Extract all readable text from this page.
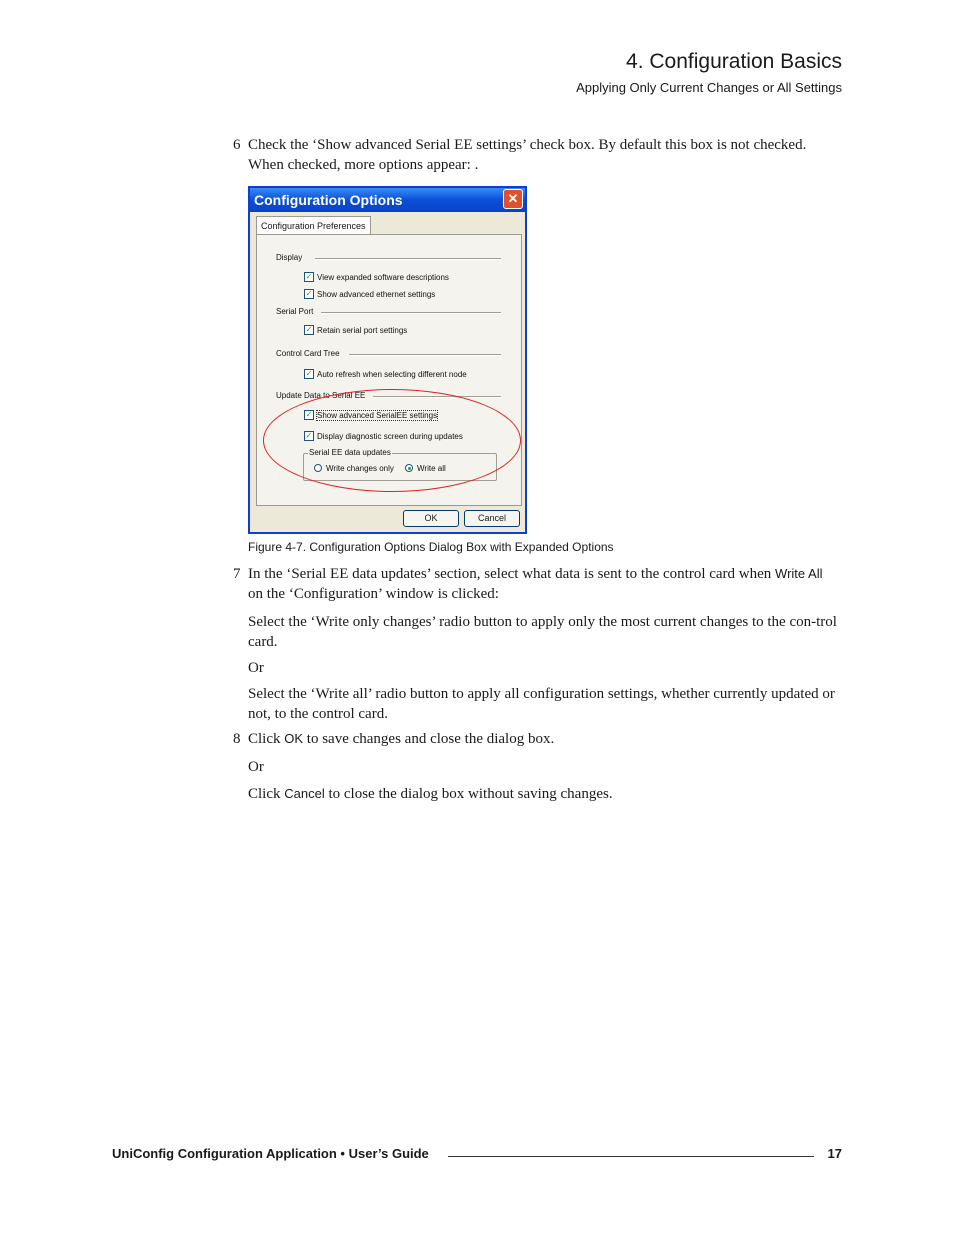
4. Configuration Basics
Applying Only Current Changes or All Settings
6 Check the ‘Show advanced Serial EE settings’ check box. By default this box is not checked. When checked, more options appear: .
Configuration Options	✕
Configuration Preferences
Display
✓ View expanded software descriptions
✓ Show advanced ethernet settings
Serial Port
✓ Retain serial port settings
Control Card Tree
✓ Auto refresh when selecting different node
Update Data to Serial EE
✓ Show advanced SerialEE settings
✓ Display diagnostic screen during updates
Serial EE data updates
Write changes only	Write all
OK	Cancel
Figure 4-7. Configuration Options Dialog Box with Expanded Options
7 In the ‘Serial EE data updates’ section, select what data is sent to the control card when Write All on the ‘Configuration’ window is clicked:
Select the ‘Write only changes’ radio button to apply only the most current changes to the con-trol card.
Or
Select the ‘Write all’ radio button to apply all configuration settings, whether currently updated or not, to the control card.
8 Click OK to save changes and close the dialog box.
Or
Click Cancel to close the dialog box without saving changes.
UniConfig Configuration Application • User’s Guide	17
